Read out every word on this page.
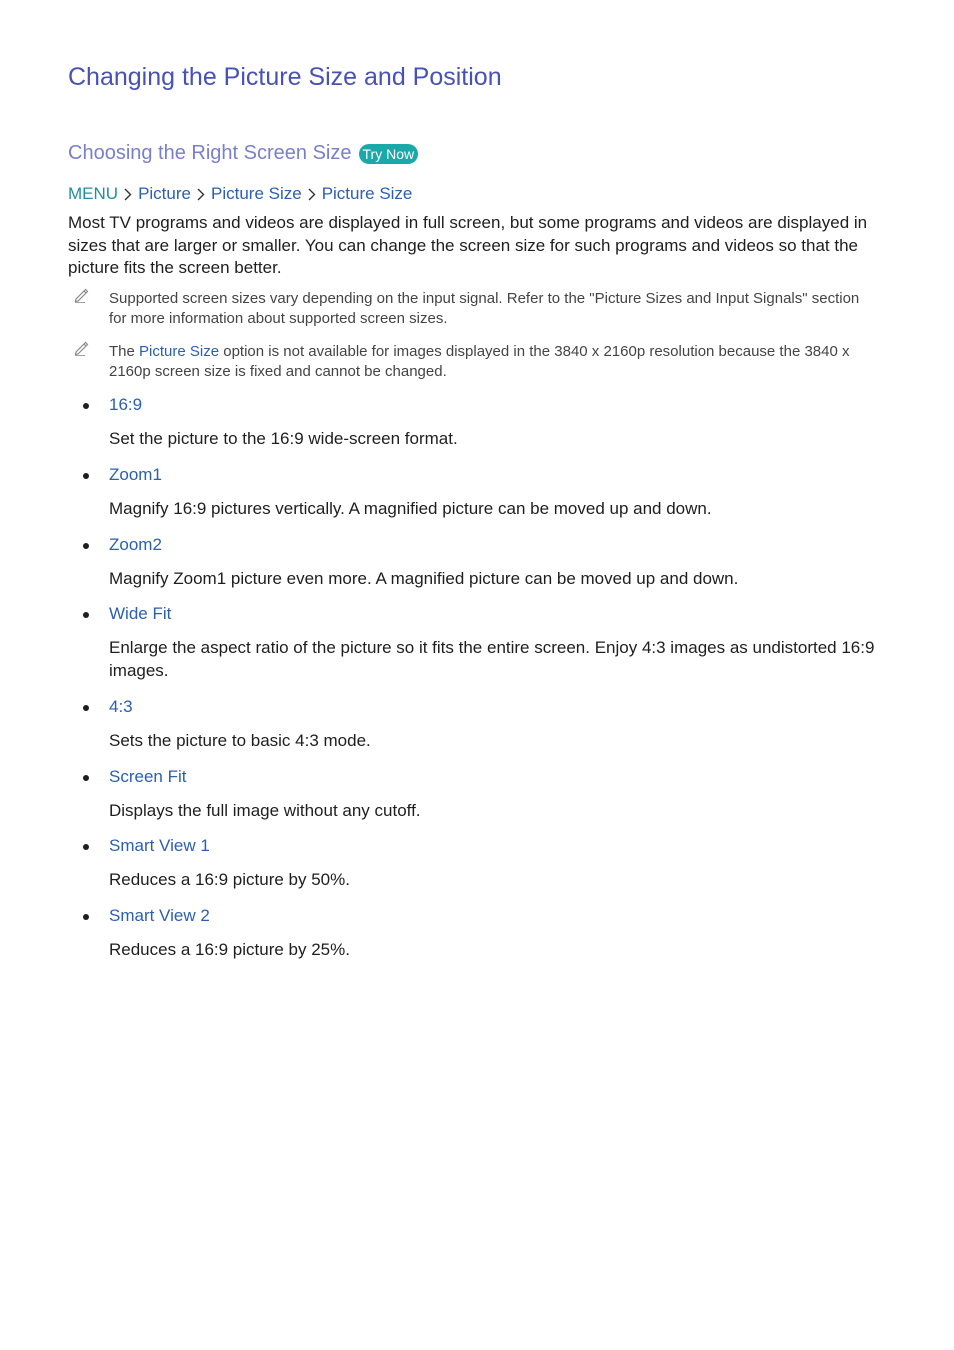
Changing the Picture Size and Position
Choosing the Right Screen Size Try Now
MENU Picture Picture Size Picture Size

Most TV programs and videos are displayed in full screen, but some programs and videos are displayed in sizes that are larger or smaller. You can change the screen size for such programs and videos so that the picture fits the screen better.

Supported screen sizes vary depending on the input signal. Refer to the "Picture Sizes and Input Signals" section for more information about supported screen sizes.
The Picture Size option is not available for images displayed in the 3840 x 2160p resolution because the 3840 x 2160p screen size is fixed and cannot be changed.
16:9
Set the picture to the 16:9 wide-screen format.
Zoom1
Magnify 16:9 pictures vertically. A magnified picture can be moved up and down.
Zoom2
Magnify Zoom1 picture even more. A magnified picture can be moved up and down.
Wide Fit
Enlarge the aspect ratio of the picture so it fits the entire screen. Enjoy 4:3 images as undistorted 16:9 images.
4:3
Sets the picture to basic 4:3 mode.
Screen Fit
Displays the full image without any cutoff.
Smart View 1
Reduces a 16:9 picture by 50%.
Smart View 2
Reduces a 16:9 picture by 25%.
